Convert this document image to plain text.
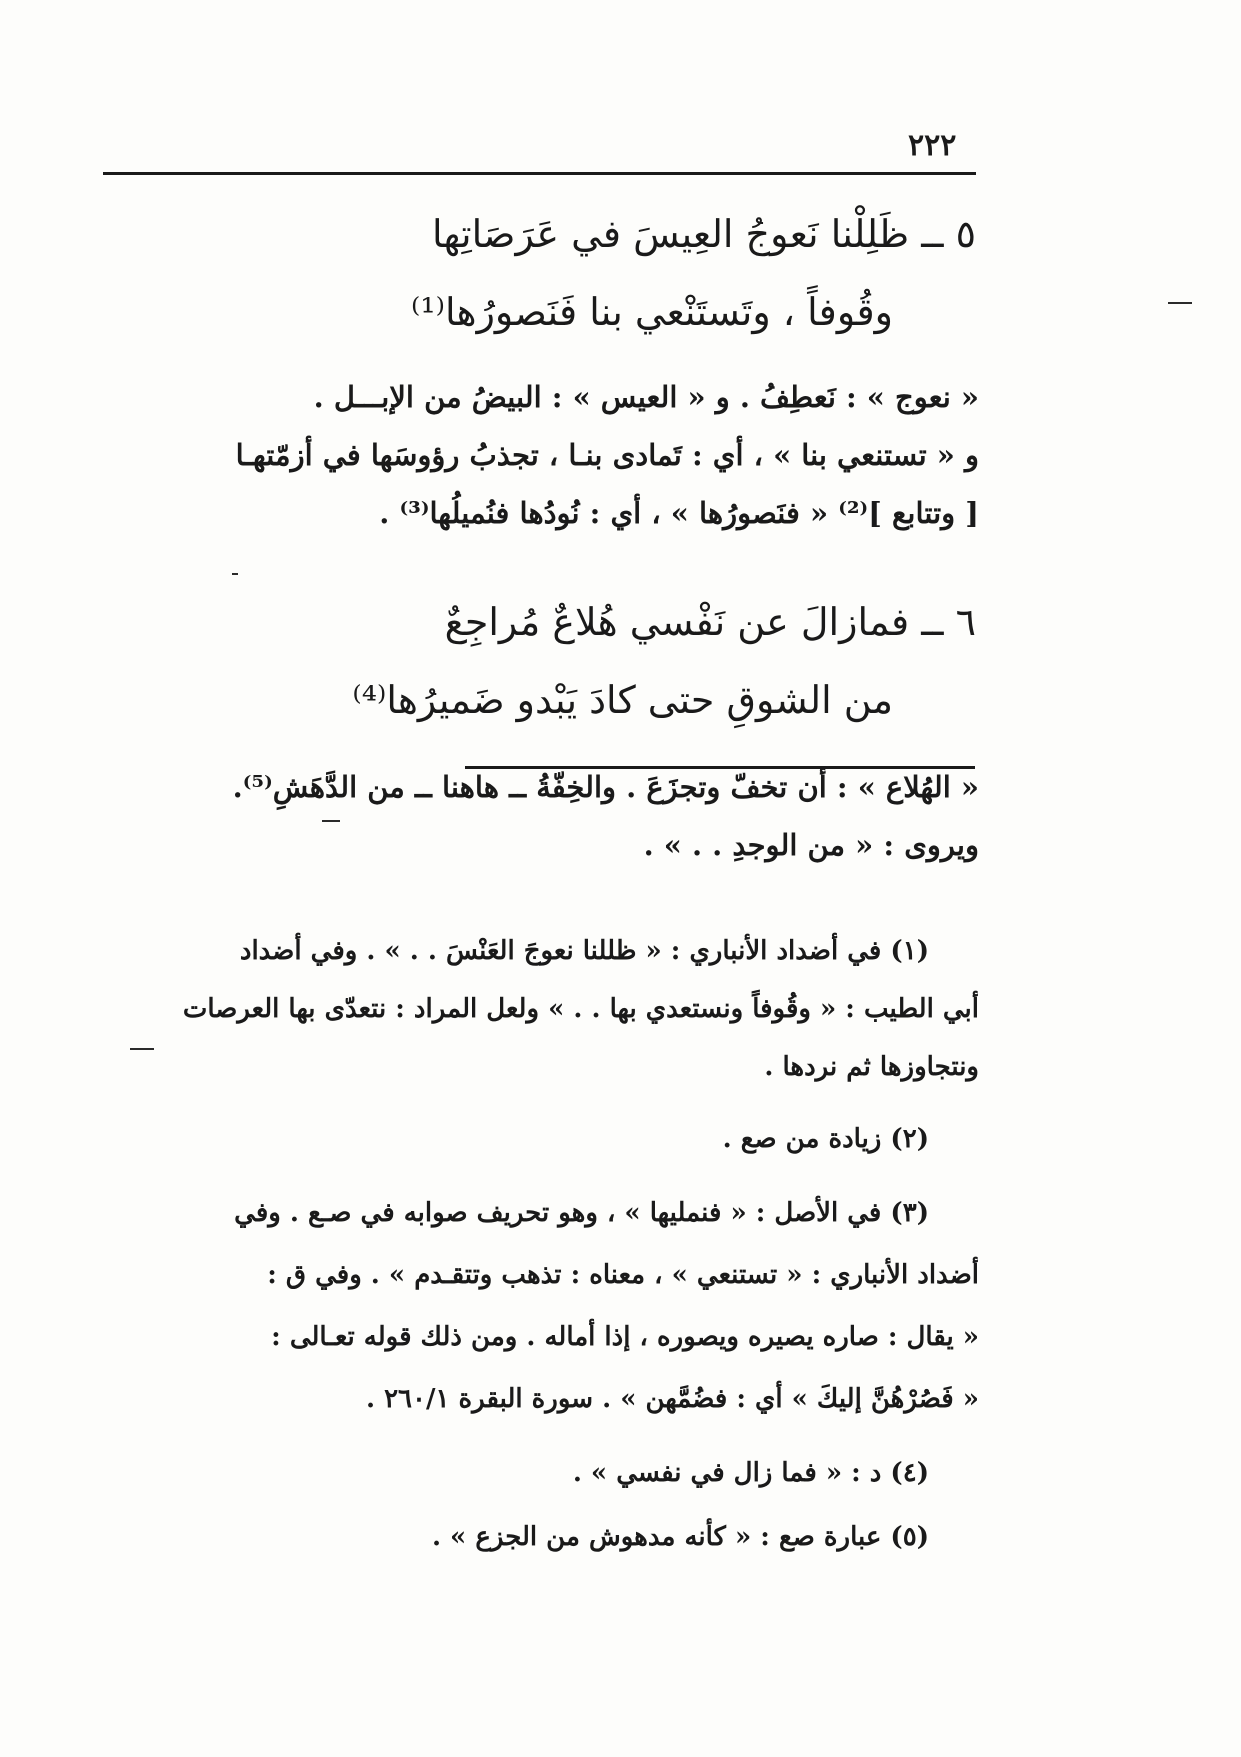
٢٢٢
٥ ــ ظَلِلْنا نَعوجُ العِيسَ في عَرَصَاتِها
وقُوفاً ، وتَستَنْعي بنا فَنَصورُها⁽¹⁾
« نعوج » : نَعطِفُ . و « العيس » : البيضُ من الإبـــل .
و « تستنعي بنا » ، أي : تَمادى بنـا ، تجذبُ رؤوسَها في أزمّتهـا
[ وتتابع ]⁽²⁾ « فنَصورُها » ، أي : نُودُها فنُميلُها⁽³⁾ .
٦ ــ فمازالَ عن نَفْسي هُلاعٌ مُراجِعٌ
من الشوقِ حتى كادَ يَبْدو ضَميرُها⁽⁴⁾
« الهُلاع » : أن تخفّ وتجزَعَ . والخِفّةُ ــ هاهنا ــ من الدَّهَشِ⁽⁵⁾.
ويروى : « من الوجدِ . . » .
(١) في أضداد الأنباري : « ظللنا نعوجَ العَنْسَ . . » . وفي أضداد
أبي الطيب : « وقُوفاً ونستعدي بها . . » ولعل المراد : نتعدّى بها العرصات
ونتجاوزها ثم نردها .
(٢) زيادة من صع .
(٣) في الأصل : « فنمليها » ، وهو تحريف صوابه في صـع . وفي
أضداد الأنباري : « تستنعي » ، معناه : تذهب وتتقـدم » . وفي ق :
« يقال : صاره يصيره ويصوره ، إذا أماله . ومن ذلك قوله تعـالى :
« فَصُرْهُنَّ إليكَ » أي : فضُمَّهن » . سورة البقرة ٢٦٠/١ .
(٤) د : « فما زال في نفسي » .
(٥) عبارة صع : « كأنه مدهوش من الجزع » .
